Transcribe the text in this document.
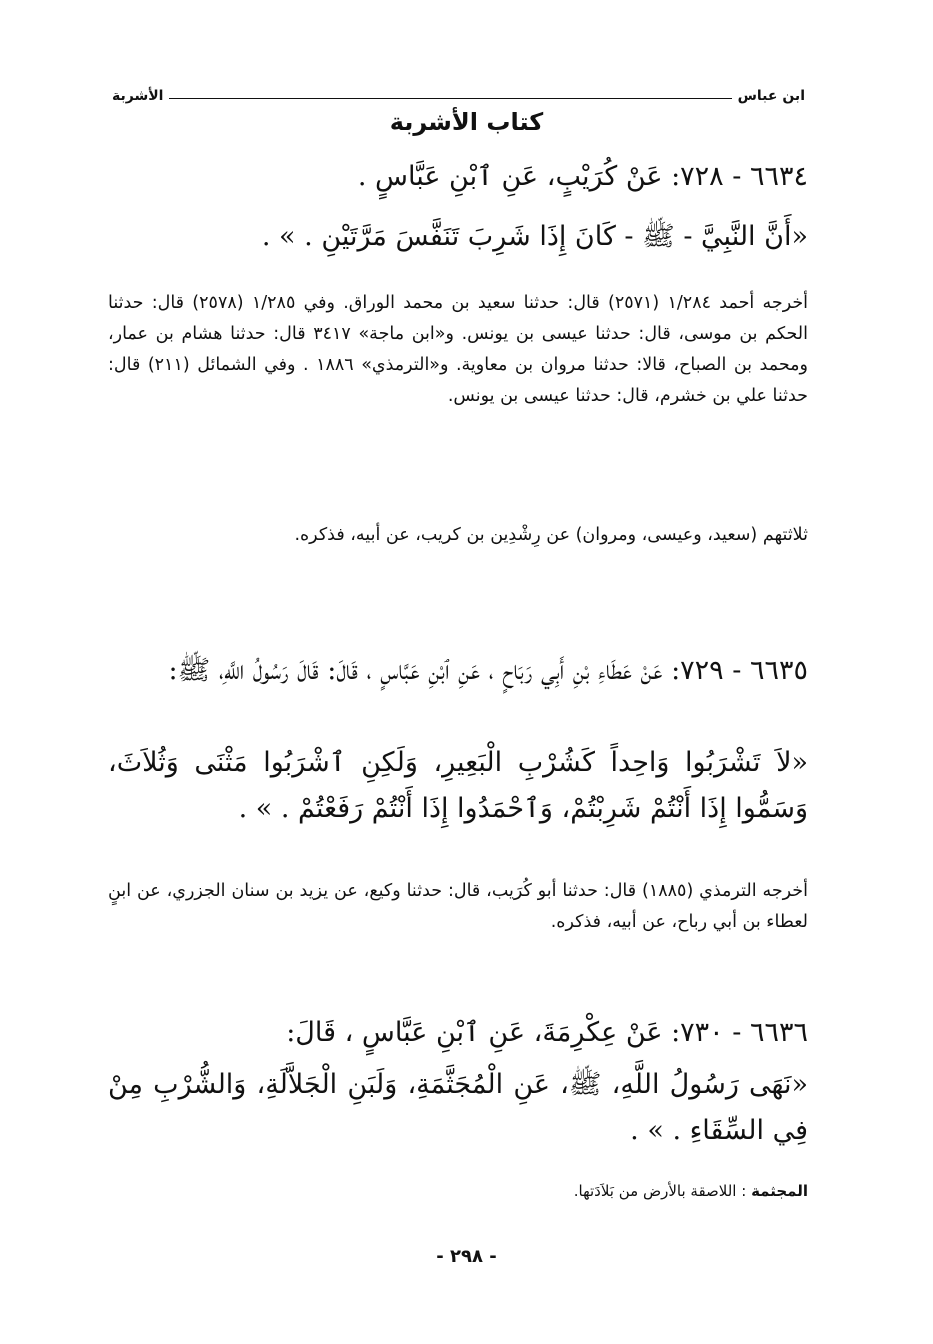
الأشربة	ابن عباس
كتاب الأشربة
٦٦٣٤ - ٧٢٨: عَنْ كُرَيْبٍ، عَنِ ٱبْنِ عَبَّاسٍ .
«أَنَّ النَّبِيَّ - ﷺ - كَانَ إِذَا شَرِبَ تَنَفَّسَ مَرَّتَيْنِ . » .
أخرجه أحمد ١/٢٨٤ (٢٥٧١) قال: حدثنا سعيد بن محمد الوراق. وفي ١/٢٨٥ (٢٥٧٨) قال: حدثنا الحكم بن موسى، قال: حدثنا عيسى بن يونس. و«ابن ماجة» ٣٤١٧ قال: حدثنا هشام بن عمار، ومحمد بن الصباح، قالا: حدثنا مروان بن معاوية. و«الترمذي» ١٨٨٦ . وفي الشمائل (٢١١) قال: حدثنا علي بن خشرم، قال: حدثنا عيسى بن يونس.
ثلاثتهم (سعيد، وعيسى، ومروان) عن رِشْدِين بن كريب، عن أبيه، فذكره.
٦٦٣٥ - ٧٢٩: عَنْ عَطَاءِ بْنِ أَبِي رَبَاحٍ ، عَنِ ٱبْنِ عَبَّاسٍ ، قَالَ: قَالَ رَسُولُ اللَّهِ، ﷺ:
«لاَ تَشْرَبُوا وَاحِداً كَشُرْبِ الْبَعِيرِ، وَلَكِنِ ٱشْرَبُوا مَثْنَى وَثُلاَثَ، وَسَمُّوا إِذَا أَنْتُمْ شَرِبْتُمْ، وَٱحْمَدُوا إِذَا أَنْتُمْ رَفَعْتُمْ . » .
أخرجه الترمذي (١٨٨٥) قال: حدثنا أبو كُرَيب، قال: حدثنا وكيع، عن يزيد بن سنان الجزري، عن ابنٍ لعطاء بن أبي رباح، عن أبيه، فذكره.
٦٦٣٦ - ٧٣٠: عَنْ عِكْرِمَةَ، عَنِ ٱبْنِ عَبَّاسٍ ، قَالَ:
«نَهَى رَسُولُ اللَّهِ، ﷺ، عَنِ الْمُجَثَّمَةِ، وَلَبَنِ الْجَلاَّلَةِ، وَالشُّرْبِ مِنْ فِي السِّقَاءِ . » .
المجثمة : اللاصقة بالأرض من بَلاَدَتها.
- ٢٩٨ -
